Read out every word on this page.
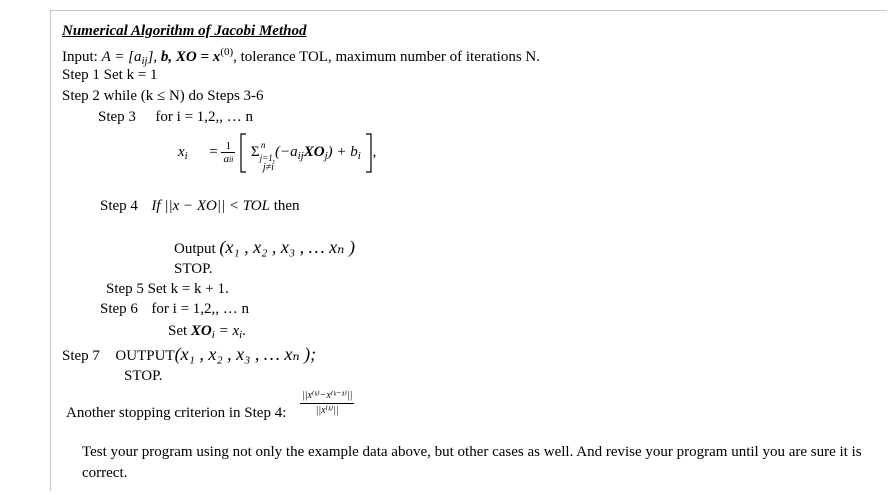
Numerical Algorithm of Jacobi Method
Input: $A = [a_{ij}]$, b, XO = $x^{(0)}$, tolerance TOL, maximum number of iterations N.
Step 1 Set k = 1
Step 2 while (k ≤ N) do Steps 3-6
Step 3 for i = 1,2,, … n
$x_i = \frac{1}{\text{aii}} \Sigma_{j=1,}$
n
j≠i
$(-a_{ij}XO_j) + b_i$ ,
Step 4 If ||x − XO|| < TOL then
Output (x₁ , x₂ , x₃ , … xₙ )
STOP.
Step 5 Set k = k + 1.
Step 6 for i = 1,2,, … n
Set $XO_i = x_i$.
Step 7 OUTPUT(x₁ , x₂ , x₃ , … xₙ );
STOP.
Another stopping criterion in Step 4: $\frac{\text{||x⁽ᵏ⁾−x⁽ᵏ⁻¹⁾||}}{\text{||x⁽ᵏ⁾||}}$
Test your program using not only the example data above, but other cases as well. And revise your program until you are sure it is correct.
